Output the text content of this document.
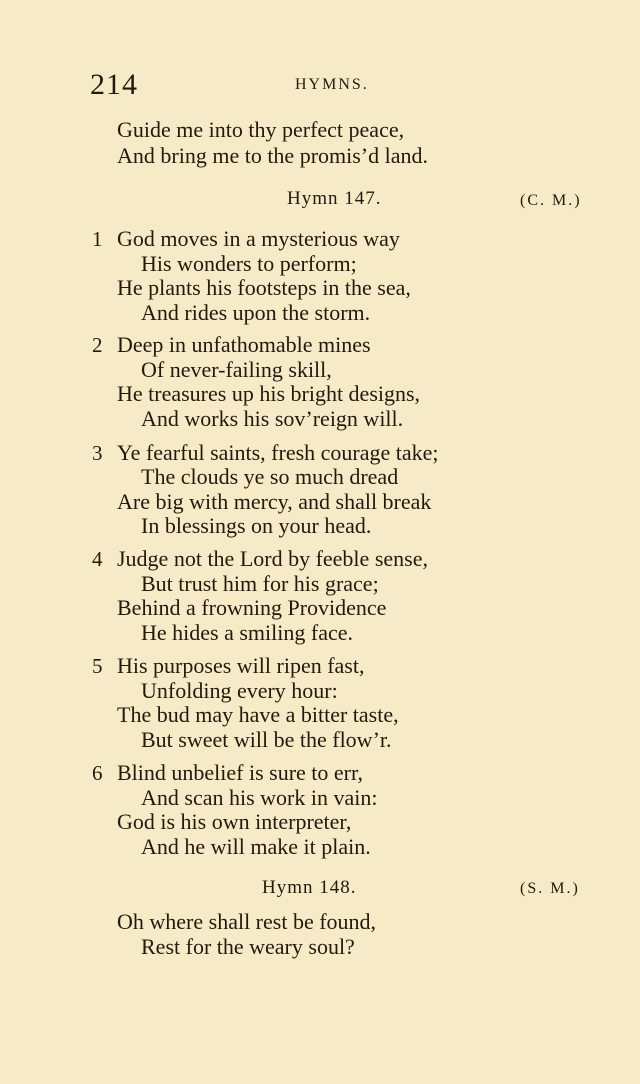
214	HYMNS.
Guide me into thy perfect peace,
And bring me to the promis’d land.
Hymn 147.	(C. M.)
1 God moves in a mysterious way
His wonders to perform;
He plants his footsteps in the sea,
And rides upon the storm.
2 Deep in unfathomable mines
Of never-failing skill,
He treasures up his bright designs,
And works his sov’reign will.
3 Ye fearful saints, fresh courage take;
The clouds ye so much dread
Are big with mercy, and shall break
In blessings on your head.
4 Judge not the Lord by feeble sense,
But trust him for his grace;
Behind a frowning Providence
He hides a smiling face.
5 His purposes will ripen fast,
Unfolding every hour:
The bud may have a bitter taste,
But sweet will be the flow’r.
6 Blind unbelief is sure to err,
And scan his work in vain:
God is his own interpreter,
And he will make it plain.
Hymn 148.	(S. M.)
Oh where shall rest be found,
Rest for the weary soul?
